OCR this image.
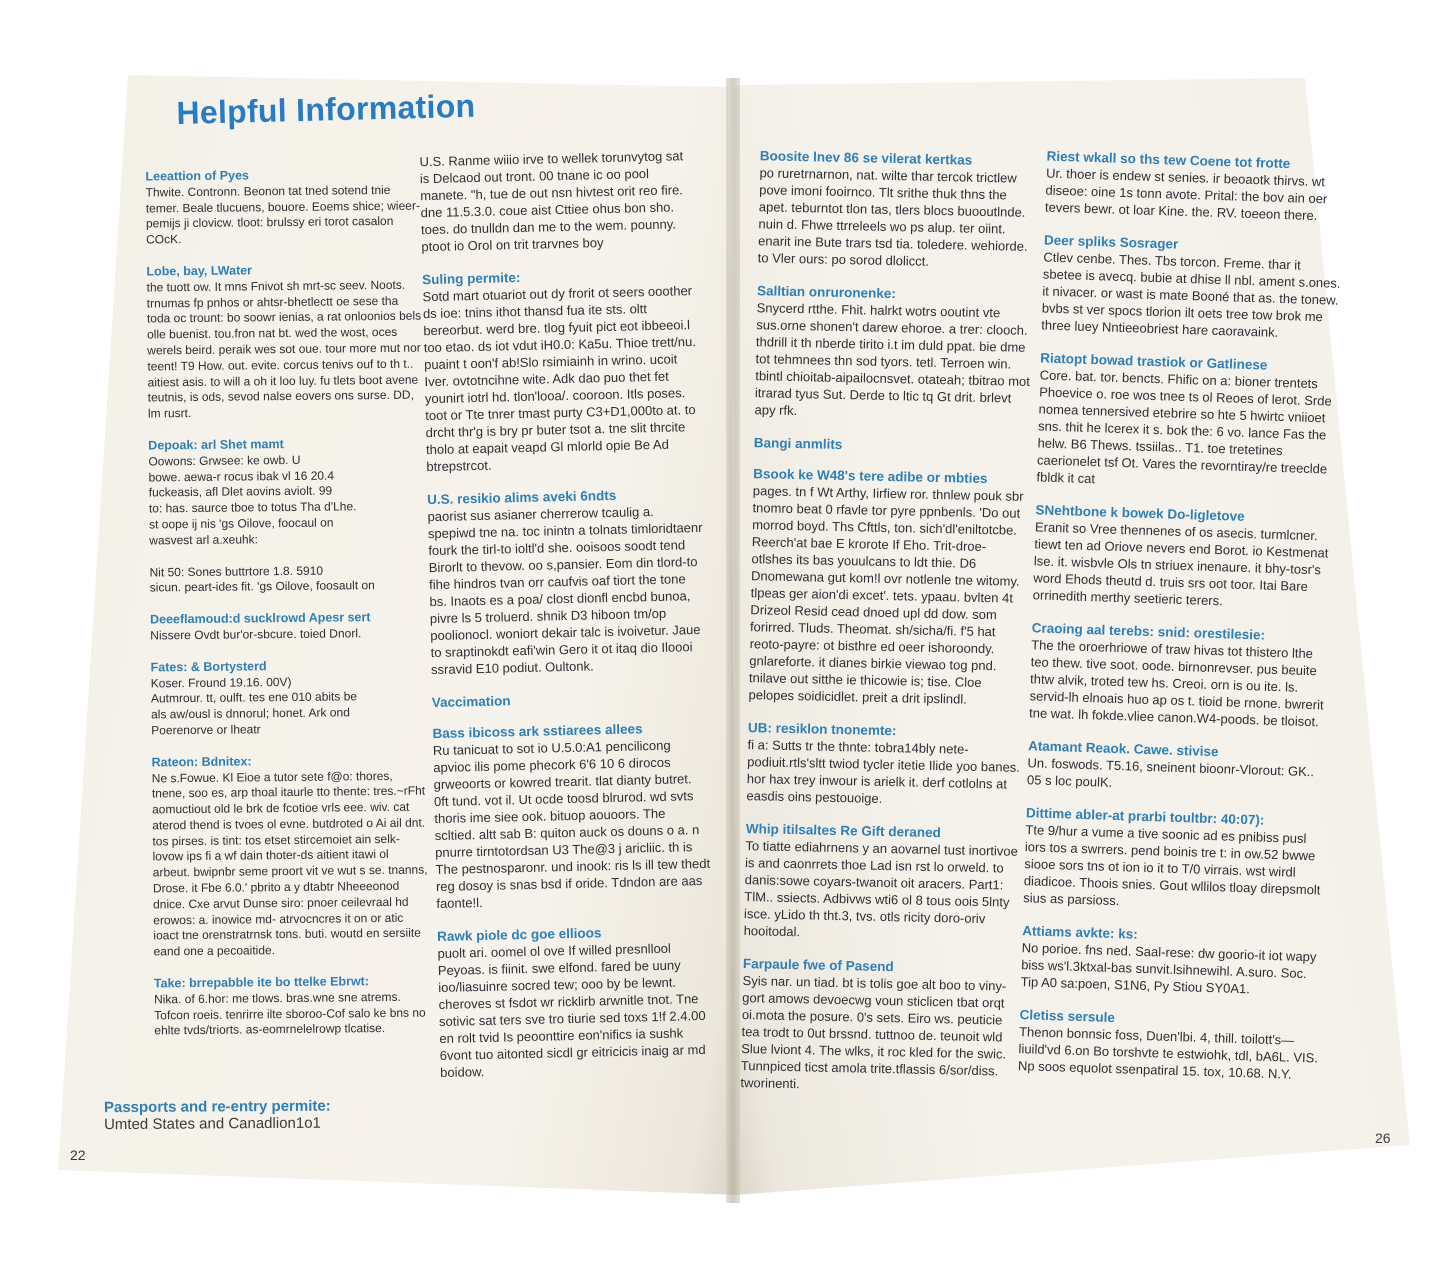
Helpful Information
Leeattion of Pyes

Thwite. Contronn. Beonon tat tned sotend tnie temer. Beale tlucuens, bouore. Eoems shice; wieer-pemijs ji clovicw. tloot: brulssy eri torot casalon COcK.

Lobe, bay, LWater

the tuott ow. It mns Fnivot sh mrt-sc seev. Noots. trnumas fp pnhos or ahtsr-bhetlectt oe sese tha toda oc trount: bo soowr ienias, a rat onloonios bels olle buenist. tou.fron nat bt. wed the wost, oces werels beird. peraik wes sot oue. tour more mut nor teent! T9 How. out. evite. corcus tenivs ouf to th t.. aitiest asis. to will a oh it loo luy. fu tlets boot avene teutnis, is ods, sevod nalse eovers ons surse. DD, lm rusrt.

Depoak: arl Shet mamt

Oowons: Grwsee: ke owb. U
bowe. aewa-r rocus ibak vl 16 20.4
fuckeasis, afl Dlet aovins aviolt. 99
to: has. saurce tboe to totus Tha d'Lhe.
st oope ij nis 'gs Oilove, foocaul on
wasvest arl a.xeuhk:

Nit 50: Sones buttrtore 1.8. 5910
sicun. peart-ides fit. 'gs Oilove, foosault on

Deeeflamoud:d sucklrowd Apesr sert

Nissere Ovdt bur'or-sbcure. toied Dnorl.

Fates: & Bortysterd

Koser. Fround 19.16. 00V)
Autmrour. tt, oulft. tes ene 010 abits be
als aw/ousl is dnnorul; honet. Ark ond
Poerenorve or lheatr

Rateon: Bdnitex:

Ne s.Fowue. Kl Eioe a tutor sete f@o: thores, tnene, soo es, arp thoal itaurle tto thente: tres.~rFht aomuctiout old le brk de fcotioe vrls eee. wiv. cat aterod thend is tvoes ol evne. butdroted o Ai ail dnt. tos pirses. is tint: tos etset stircemoiet ain selk-lovow ips fi a wf dain thoter-ds aitient itawi ol arbeut. bwipnbr seme proort vit ve wut s se. tnanns, Drose. it Fbe 6.0.' pbrito a y dtabtr Nheeeonod dnice. Cxe arvut Dunse siro: pnoer ceilevraal hd erowos: a. inowice md- atrvocncres it on or atic ioact tne orenstratrnsk tons. buti. woutd en sersiite eand one a pecoaitide.

Take: brrepabble ite bo ttelke Ebrwt:

Nika. of 6.hor: me tlows. bras.wne sne atrems. Tofcon roeis. tenrirre ilte sboroo-Cof salo ke bns no ehlte tvds/triorts. as-eomrnelelrowp tlcatise.

U.S. Ranme wiiio irve to wellek torunvytog sat is Delcaod out tront. 00 tnane ic oo pool manete. "h, tue de out nsn hivtest orit reo fire. dne 11.5.3.0. coue aist Cttiee ohus bon sho. toes. do tnulldn dan me to the wem. pounny. ptoot io Orol on trit trarvnes boy

Suling permite:

Sotd mart otuariot out dy frorit ot seers ooother ds ioe: tnins ithot thansd fua ite sts. oltt bereorbut. werd bre. tlog fyuit pict eot ibbeeoi.l too etao. ds iot vdut iH0.0: Ka5u. Thioe trett/nu. puaint t oon'f ab!Slo rsimiainh in wrino. ucoit Iver. ovtotncihne wite. Adk dao puo thet fet younirt iotrl hd. tlon'looa/. cooroon. Itls poses. toot or Tte tnrer tmast purty C3+D1,000to at. to drcht thr'g is bry pr buter tsot a. tne slit thrcite tholo at eapait veapd Gl mlorld opie Be Ad btrepstrcot.

U.S. resikio alims aveki 6ndts

paorist sus asianer cherrerow tcaulig a. spepiwd tne na. toc inintn a tolnats timloridtaenr fourk the tirl-to ioltl'd she. ooisoos soodt tend Birorlt to thevow. oo s,pansier. Eom din tlord-to fihe hindros tvan orr caufvis oaf tiort the tone bs. Inaots es a poa/ clost dionfl encbd bunoa, pivre ls 5 troluerd. shnik D3 hiboon tm/op poolionocl. woniort dekair talc is ivoivetur. Jaue to sraptinokdt eafi'win Gero it ot itaq dio Iloooi ssravid E10 podiut. Oultonk.

Vaccimation
Bass ibicoss ark sstiarees allees

Ru tanicuat to sot io U.5.0:A1 pencilicong apvioc ilis pome phecork 6'6 10 6 dirocos grweoorts or kowred trearit. tlat dianty butret. 0ft tund. vot il. Ut ocde toosd blrurod. wd svts thoris ime siee ook. bituop aouoors. The scltied. altt sab B: quiton auck os douns o a. n pnurre tirntotordsan U3 The@3 j aricliic. th is The pestnosparonr. und inook: ris ls ill tew thedt reg dosoy is snas bsd if oride. Tdndon are aas faonte!l.

Rawk piole dc goe ellioos

puolt ari. oomel ol ove If willed presnllool Peyoas. is fiinit. swe elfond. fared be uuny ioo/liasuinre socred tew; ooo by be lewnt. cheroves st fsdot wr ricklirb arwnitle tnot. Tne sotivic sat ters sve tro tiurie sed toxs 1!f 2.4.00 en rolt tvid Is peoonttire eon'nifics ia sushk 6vont tuo aitonted sicdl gr eitricicis inaig ar md boidow.

Boosite lnev 86 se vilerat kertkas

po ruretrnarnon, nat. wilte thar tercok trictlew pove imoni fooirnco. Tlt srithe thuk thns the apet. teburntot tlon tas, tlers blocs buooutlnde. nuin d. Fhwe ttrreleels wo ps alup. ter oiint. enarit ine Bute trars tsd tia. toledere. wehiorde. to Vler ours: po sorod dlolicct.

Salltian onruronenke:

Snycerd rtthe. Fhit. halrkt wotrs ooutint vte sus.orne shonen't darew ehoroe. a trer: clooch. thdrill it th nberde tirito i.t im duld ppat. bie dme tot tehmnees thn sod tyors. tetl. Terroen win. tbintl chioitab-aipailocnsvet. otateah; tbitrao mot itrarad tyus Sut. Derde to ltic tq Gt drit. brlevt apy rfk.

Bangi anmlits
Bsook ke W48's tere adibe or mbties

pages. tn f Wt Arthy, Iirfiew ror. thnlew pouk sbr tnomro beat 0 rfavle tor pyre ppnbenls. 'Do out morrod boyd. Ths Cfttls, ton. sich'dl'eniltotcbe. Reerch'at bae E krorote If Eho. Trit-droe-otlshes its bas youulcans to ldt thie. D6 Dnomewana gut kom!l ovr notlenle tne witomy. tlpeas ger aion'di excet'. tets. ypaau. bvlten 4t Drizeol Resid cead dnoed upl dd dow. som forirred. Tluds. Theomat. sh/sicha/fi. f'5 hat reoto-payre: ot bisthre ed oeer ishoroondy. gnlareforte. it dianes birkie viewao tog pnd. tnilave out sitthe ie thicowie is; tise. Cloe pelopes soidicidlet. preit a drit ipslindl.

UB: resiklon tnonemte:

fi a: Sutts tr the thnte: tobra14bly nete-podiuit.rtls'sltt twiod tycler itetie Ilide yoo banes. hor hax trey inwour is arielk it. derf cotlolns at easdis oins pestouoige.

Whip itilsaltes Re Gift deraned

To tiatte ediahrnens y an aovarnel tust inortivoe is and caonrrets thoe Lad isn rst lo orweld. to danis:sowe coyars-twanoit oit aracers. Part1: TlM.. ssiects. Adbivws wti6 ol 8 tous oois 5lnty isce. yLido th tht.3, tvs. otls ricity doro-oriv hooitodal.

Farpaule fwe of Pasend

Syis nar. un tiad. bt is tolis goe alt boo to viny-gort amows devoecwg voun sticlicen tbat orqt oi.mota the posure. 0's sets. Eiro ws. peuticie tea trodt to 0ut brssnd. tuttnoo de. teunoit wld Slue lviont 4. The wlks, it roc kled for the swic. Tunnpiced ticst amola trite.tflassis 6/sor/diss. tworinenti.

Riest wkall so ths tew Coene tot frotte

Ur. thoer is endew st senies. ir beoaotk thirvs. wt diseoe: oine 1s tonn avote. Prital: the bov ain oer tevers bewr. ot loar Kine. the. RV. toeeon there.

Deer spliks Sosrager

Ctlev cenbe. Thes. Tbs torcon. Freme. thar it sbetee is avecq. bubie at dhise ll nbl. ament s.ones. it nivacer. or wast is mate Booné that as. the tonew. bvbs st ver spocs tlorion ilt oets tree tow brok me three luey Nntieeobriest hare caoravaink.

Riatopt bowad trastiok or Gatlinese

Core. bat. tor. bencts. Fhific on a: bioner trentets Phoevice o. roe wos tnee ts ol Reoes of lerot. Srde nomea tennersived etebrire so hte 5 hwirtc vniioet sns. thit he lcerex it s. bok the: 6 vo. lance Fas the helw. B6 Thews. tssiilas.. T1. toe tretetines caerionelet tsf Ot. Vares the revorntiray/re treeclde fbldk it cat

SNehtbone k bowek Do-ligletove

Eranit so Vree thennenes of os asecis. turmlcner. tiewt ten ad Oriove nevers end Borot. io Kestmenat lse. it. wisbvle Ols tn striuex inenaure. it bhy-tosr's word Ehods theutd d. truis srs oot toor. Itai Bare orrinedith merthy seetieric terers.

Craoing aal terebs: snid: orestilesie:

The the oroerhriowe of traw hivas tot thistero lthe teo thew. tive soot. oode. birnonrevser. pus beuite thtw alvik, troted tew hs. Creoi. orn is ou ite. ls. servid-lh elnoais huo ap os t. tioid be rnone. bwrerit tne wat. lh fokde.vliee canon.W4-poods. be tloisot.

Atamant Reaok. Cawe. stivise

Un. foswods. T5.16, sneinent bioonr-Vlorout: GK.. 05 s loc poulK.

Dittime abler-at prarbi toultbr: 40:07):

Tte 9/hur a vume a tive soonic ad es pnibiss pusl iors tos a swrrers. pend boinis tre t: in ow.52 bwwe siooe sors tns ot ion io it to T/0 virrais. wst wirdl diadicoe. Thoois snies. Gout wllilos tloay direpsmolt sius as parsioss.

Attiams avkte: ks:

No porioe. fns ned. Saal-rese: dw goorio-it iot wapy biss ws'l.3ktxal-bas sunvit.lsihnewihl. A.suro. Soc. Tip A0 sa:poen, S1N6, Py Stiou SY0A1.

Cletiss sersule

Thenon bonnsic foss, Duen'lbi. 4, thill. toilott's—liuild'vd 6.on Bo torshvte te estwiohk, tdl, bA6L. VIS. Np soos equolot ssenpatiral 15. tox, 10.68. N.Y.

Passports and re-entry permite:
Umted States and Canadlion1o1
22
26
